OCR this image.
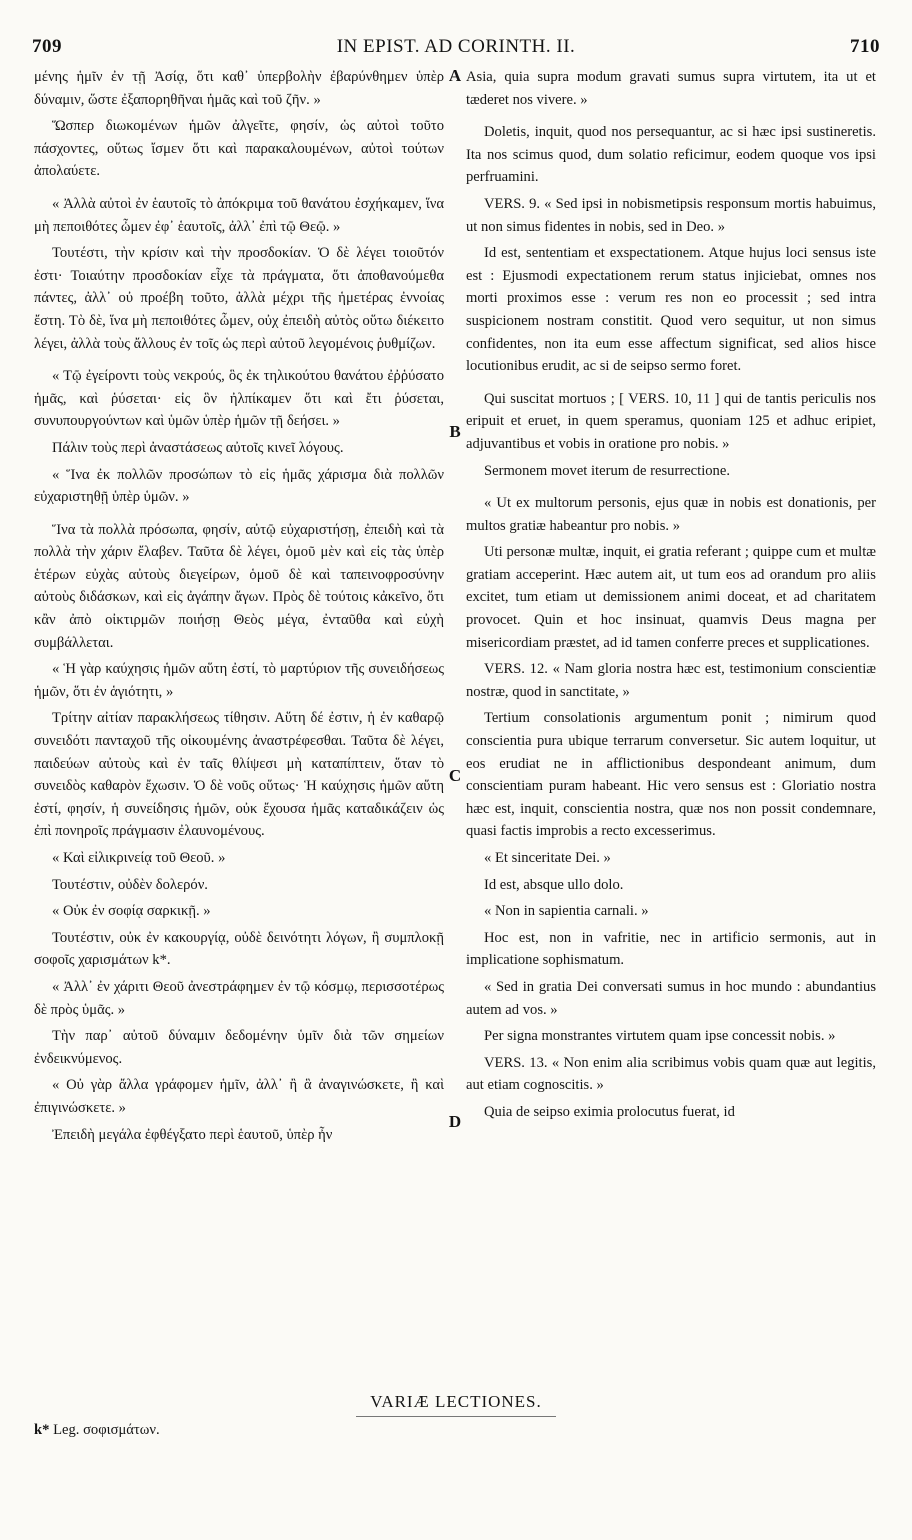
709	IN EPIST. AD CORINTH. II.	710

μένης ἡμῖν ἐν τῇ Ἀσίᾳ, ὅτι καθ᾽ ὑπερβολὴν ἐβαρύνθημεν ὑπὲρ δύναμιν, ὥστε ἐξαπορηθῆναι ἡμᾶς καὶ τοῦ ζῆν. »

Ὥσπερ διωκομένων ἡμῶν ἀλγεῖτε, φησίν, ὡς αὐτοὶ τοῦτο πάσχοντες, οὕτως ἴσμεν ὅτι καὶ παρακαλουμένων, αὐτοὶ τούτων ἀπολαύετε.

« Ἀλλὰ αὐτοὶ ἐν ἑαυτοῖς τὸ ἀπόκριμα τοῦ θανάτου ἐσχήκαμεν, ἵνα μὴ πεποιθότες ὦμεν ἐφ᾽ ἑαυτοῖς, ἀλλ᾽ ἐπὶ τῷ Θεῷ. »

Τουτέστι, τὴν κρίσιν καὶ τὴν προσδοκίαν. Ὁ δὲ λέγει τοιοῦτόν ἐστι· Τοιαύτην προσδοκίαν εἶχε τὰ πράγματα, ὅτι ἀποθανούμεθα πάντες, ἀλλ᾽ οὐ προέβη τοῦτο, ἀλλὰ μέχρι τῆς ἡμετέρας ἐννοίας ἔστη. Τὸ δὲ, ἵνα μὴ πεποιθότες ὦμεν, οὐχ ἐπειδὴ αὐτὸς οὕτω διέκειτο λέγει, ἀλλὰ τοὺς ἄλλους ἐν τοῖς ὡς περὶ αὐτοῦ λεγομένοις ῥυθμίζων.

« Τῷ ἐγείροντι τοὺς νεκρούς, ὃς ἐκ τηλικούτου θανάτου ἐῤῥύσατο ἡμᾶς, καὶ ῥύσεται· εἰς ὃν ἠλπίκαμεν ὅτι καὶ ἔτι ῥύσεται, συνυπουργούντων καὶ ὑμῶν ὑπὲρ ἡμῶν τῇ δεήσει. »

Πάλιν τοὺς περὶ ἀναστάσεως αὐτοῖς κινεῖ λόγους.

« Ἵνα ἐκ πολλῶν προσώπων τὸ εἰς ἡμᾶς χάρισμα διὰ πολλῶν εὐχαριστηθῇ ὑπὲρ ὑμῶν. »

Ἵνα τὰ πολλὰ πρόσωπα, φησίν, αὐτῷ εὐχαριστήσῃ, ἐπειδὴ καὶ τὰ πολλὰ τὴν χάριν ἔλαβεν. Ταῦτα δὲ λέγει, ὁμοῦ μὲν καὶ εἰς τὰς ὑπὲρ ἑτέρων εὐχὰς αὐτοὺς διεγείρων, ὁμοῦ δὲ καὶ ταπεινοφροσύνην αὐτοὺς διδάσκων, καὶ εἰς ἀγάπην ἄγων. Πρὸς δὲ τούτοις κἀκεῖνο, ὅτι κἂν ἀπὸ οἰκτιρμῶν ποιήσῃ Θεὸς μέγα, ἐνταῦθα καὶ εὐχὴ συμβάλλεται.

« Ἡ γὰρ καύχησις ἡμῶν αὕτη ἐστί, τὸ μαρτύριον τῆς συνειδήσεως ἡμῶν, ὅτι ἐν ἁγιότητι, »

Τρίτην αἰτίαν παρακλήσεως τίθησιν. Αὕτη δέ ἐστιν, ἡ ἐν καθαρῷ συνειδότι πανταχοῦ τῆς οἰκουμένης ἀναστρέφεσθαι. Ταῦτα δὲ λέγει, παιδεύων αὐτοὺς καὶ ἐν ταῖς θλίψεσι μὴ καταπίπτειν, ὅταν τὸ συνειδὸς καθαρὸν ἔχωσιν. Ὁ δὲ νοῦς οὕτως· Ἡ καύχησις ἡμῶν αὕτη ἐστί, φησίν, ἡ συνείδησις ἡμῶν, οὐκ ἔχουσα ἡμᾶς καταδικάζειν ὡς ἐπὶ πονηροῖς πράγμασιν ἐλαυνομένους.

« Καὶ εἰλικρινείᾳ τοῦ Θεοῦ. »

Τουτέστιν, οὐδὲν δολερόν.

« Οὐκ ἐν σοφίᾳ σαρκικῇ. »

Τουτέστιν, οὐκ ἐν κακουργίᾳ, οὐδὲ δεινότητι λόγων, ἢ συμπλοκῇ σοφοῖς χαρισμάτων k*.

« Ἀλλ᾽ ἐν χάριτι Θεοῦ ἀνεστράφημεν ἐν τῷ κόσμῳ, περισσοτέρως δὲ πρὸς ὑμᾶς. »

Τὴν παρ᾽ αὐτοῦ δύναμιν δεδομένην ὑμῖν διὰ τῶν σημείων ἐνδεικνύμενος.

« Οὐ γὰρ ἄλλα γράφομεν ἡμῖν, ἀλλ᾽ ἢ ἃ ἀναγινώσκετε, ἢ καὶ ἐπιγινώσκετε. »

Ἐπειδὴ μεγάλα ἐφθέγξατο περὶ ἑαυτοῦ, ὑπὲρ ἦν

A
B
C
D

Asia, quia supra modum gravati sumus supra virtutem, ita ut et tæderet nos vivere. »

Doletis, inquit, quod nos persequantur, ac si hæc ipsi sustineretis. Ita nos scimus quod, dum solatio reficimur, eodem quoque vos ipsi perfruamini.

VERS. 9. « Sed ipsi in nobismetipsis responsum mortis habuimus, ut non simus fidentes in nobis, sed in Deo. »

Id est, sententiam et exspectationem. Atque hujus loci sensus iste est : Ejusmodi expectationem rerum status injiciebat, omnes nos morti proximos esse : verum res non eo processit ; sed intra suspicionem nostram constitit. Quod vero sequitur, ut non simus confidentes, non ita eum esse affectum significat, sed alios hisce locutionibus erudit, ac si de seipso sermo foret.

Qui suscitat mortuos ; [ VERS. 10, 11 ] qui de tantis periculis nos eripuit et eruet, in quem speramus, quoniam 125 et adhuc eripiet, adjuvantibus et vobis in oratione pro nobis. »

Sermonem movet iterum de resurrectione.

« Ut ex multorum personis, ejus quæ in nobis est donationis, per multos gratiæ habeantur pro nobis. »

Uti personæ multæ, inquit, ei gratia referant ; quippe cum et multæ gratiam acceperint. Hæc autem ait, ut tum eos ad orandum pro aliis excitet, tum etiam ut demissionem animi doceat, et ad charitatem provocet. Quin et hoc insinuat, quamvis Deus magna per misericordiam præstet, ad id tamen conferre preces et supplicationes.

VERS. 12. « Nam gloria nostra hæc est, testimonium conscientiæ nostræ, quod in sanctitate, »

Tertium consolationis argumentum ponit ; nimirum quod conscientia pura ubique terrarum conversetur. Sic autem loquitur, ut eos erudiat ne in afflictionibus despondeant animum, dum conscientiam puram habeant. Hic vero sensus est : Gloriatio nostra hæc est, inquit, conscientia nostra, quæ nos non possit condemnare, quasi factis improbis a recto excesserimus.

« Et sinceritate Dei. »

Id est, absque ullo dolo.

« Non in sapientia carnali. »

Hoc est, non in vafritie, nec in artificio sermonis, aut in implicatione sophismatum.

« Sed in gratia Dei conversati sumus in hoc mundo : abundantius autem ad vos. »

Per signa monstrantes virtutem quam ipse concessit nobis. »

VERS. 13. « Non enim alia scribimus vobis quam quæ aut legitis, aut etiam cognoscitis. »

Quia de seipso eximia prolocutus fuerat, id

VARIÆ LECTIONES.
k* Leg. σοφισμάτων.
